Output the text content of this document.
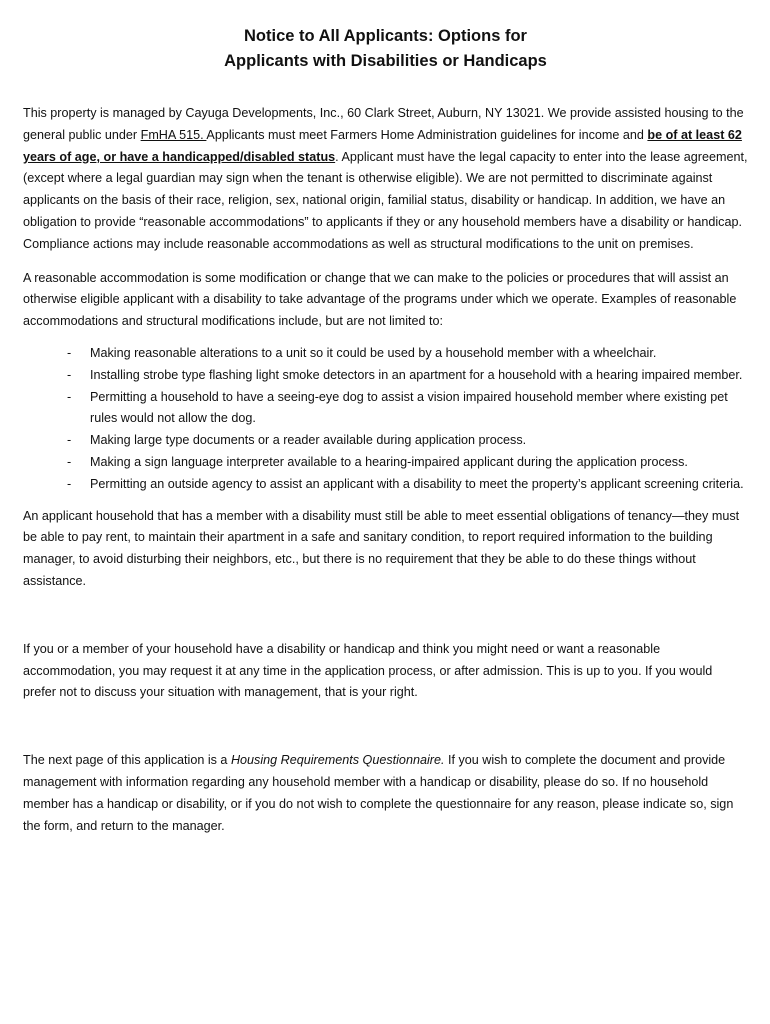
Notice to All Applicants: Options for
Applicants with Disabilities or Handicaps

This property is managed by Cayuga Developments, Inc., 60 Clark Street, Auburn, NY 13021. We provide assisted housing to the general public under FmHA 515. Applicants must meet Farmers Home Administration guidelines for income and be of at least 62 years of age, or have a handicapped/disabled status. Applicant must have the legal capacity to enter into the lease agreement, (except where a legal guardian may sign when the tenant is otherwise eligible). We are not permitted to discriminate against applicants on the basis of their race, religion, sex, national origin, familial status, disability or handicap. In addition, we have an obligation to provide “reasonable accommodations” to applicants if they or any household members have a disability or handicap. Compliance actions may include reasonable accommodations as well as structural modifications to the unit on premises.

A reasonable accommodation is some modification or change that we can make to the policies or procedures that will assist an otherwise eligible applicant with a disability to take advantage of the programs under which we operate. Examples of reasonable accommodations and structural modifications include, but are not limited to:

- Making reasonable alterations to a unit so it could be used by a household member with a wheelchair.
- Installing strobe type flashing light smoke detectors in an apartment for a household with a hearing impaired member.
- Permitting a household to have a seeing-eye dog to assist a vision impaired household member where existing pet rules would not allow the dog.
- Making large type documents or a reader available during application process.
- Making a sign language interpreter available to a hearing-impaired applicant during the application process.
- Permitting an outside agency to assist an applicant with a disability to meet the property’s applicant screening criteria.

An applicant household that has a member with a disability must still be able to meet essential obligations of tenancy—they must be able to pay rent, to maintain their apartment in a safe and sanitary condition, to report required information to the building manager, to avoid disturbing their neighbors, etc., but there is no requirement that they be able to do these things without assistance.

If you or a member of your household have a disability or handicap and think you might need or want a reasonable accommodation, you may request it at any time in the application process, or after admission. This is up to you. If you would prefer not to discuss your situation with management, that is your right.

The next page of this application is a Housing Requirements Questionnaire. If you wish to complete the document and provide management with information regarding any household member with a handicap or disability, please do so. If no household member has a handicap or disability, or if you do not wish to complete the questionnaire for any reason, please indicate so, sign the form, and return to the manager.
